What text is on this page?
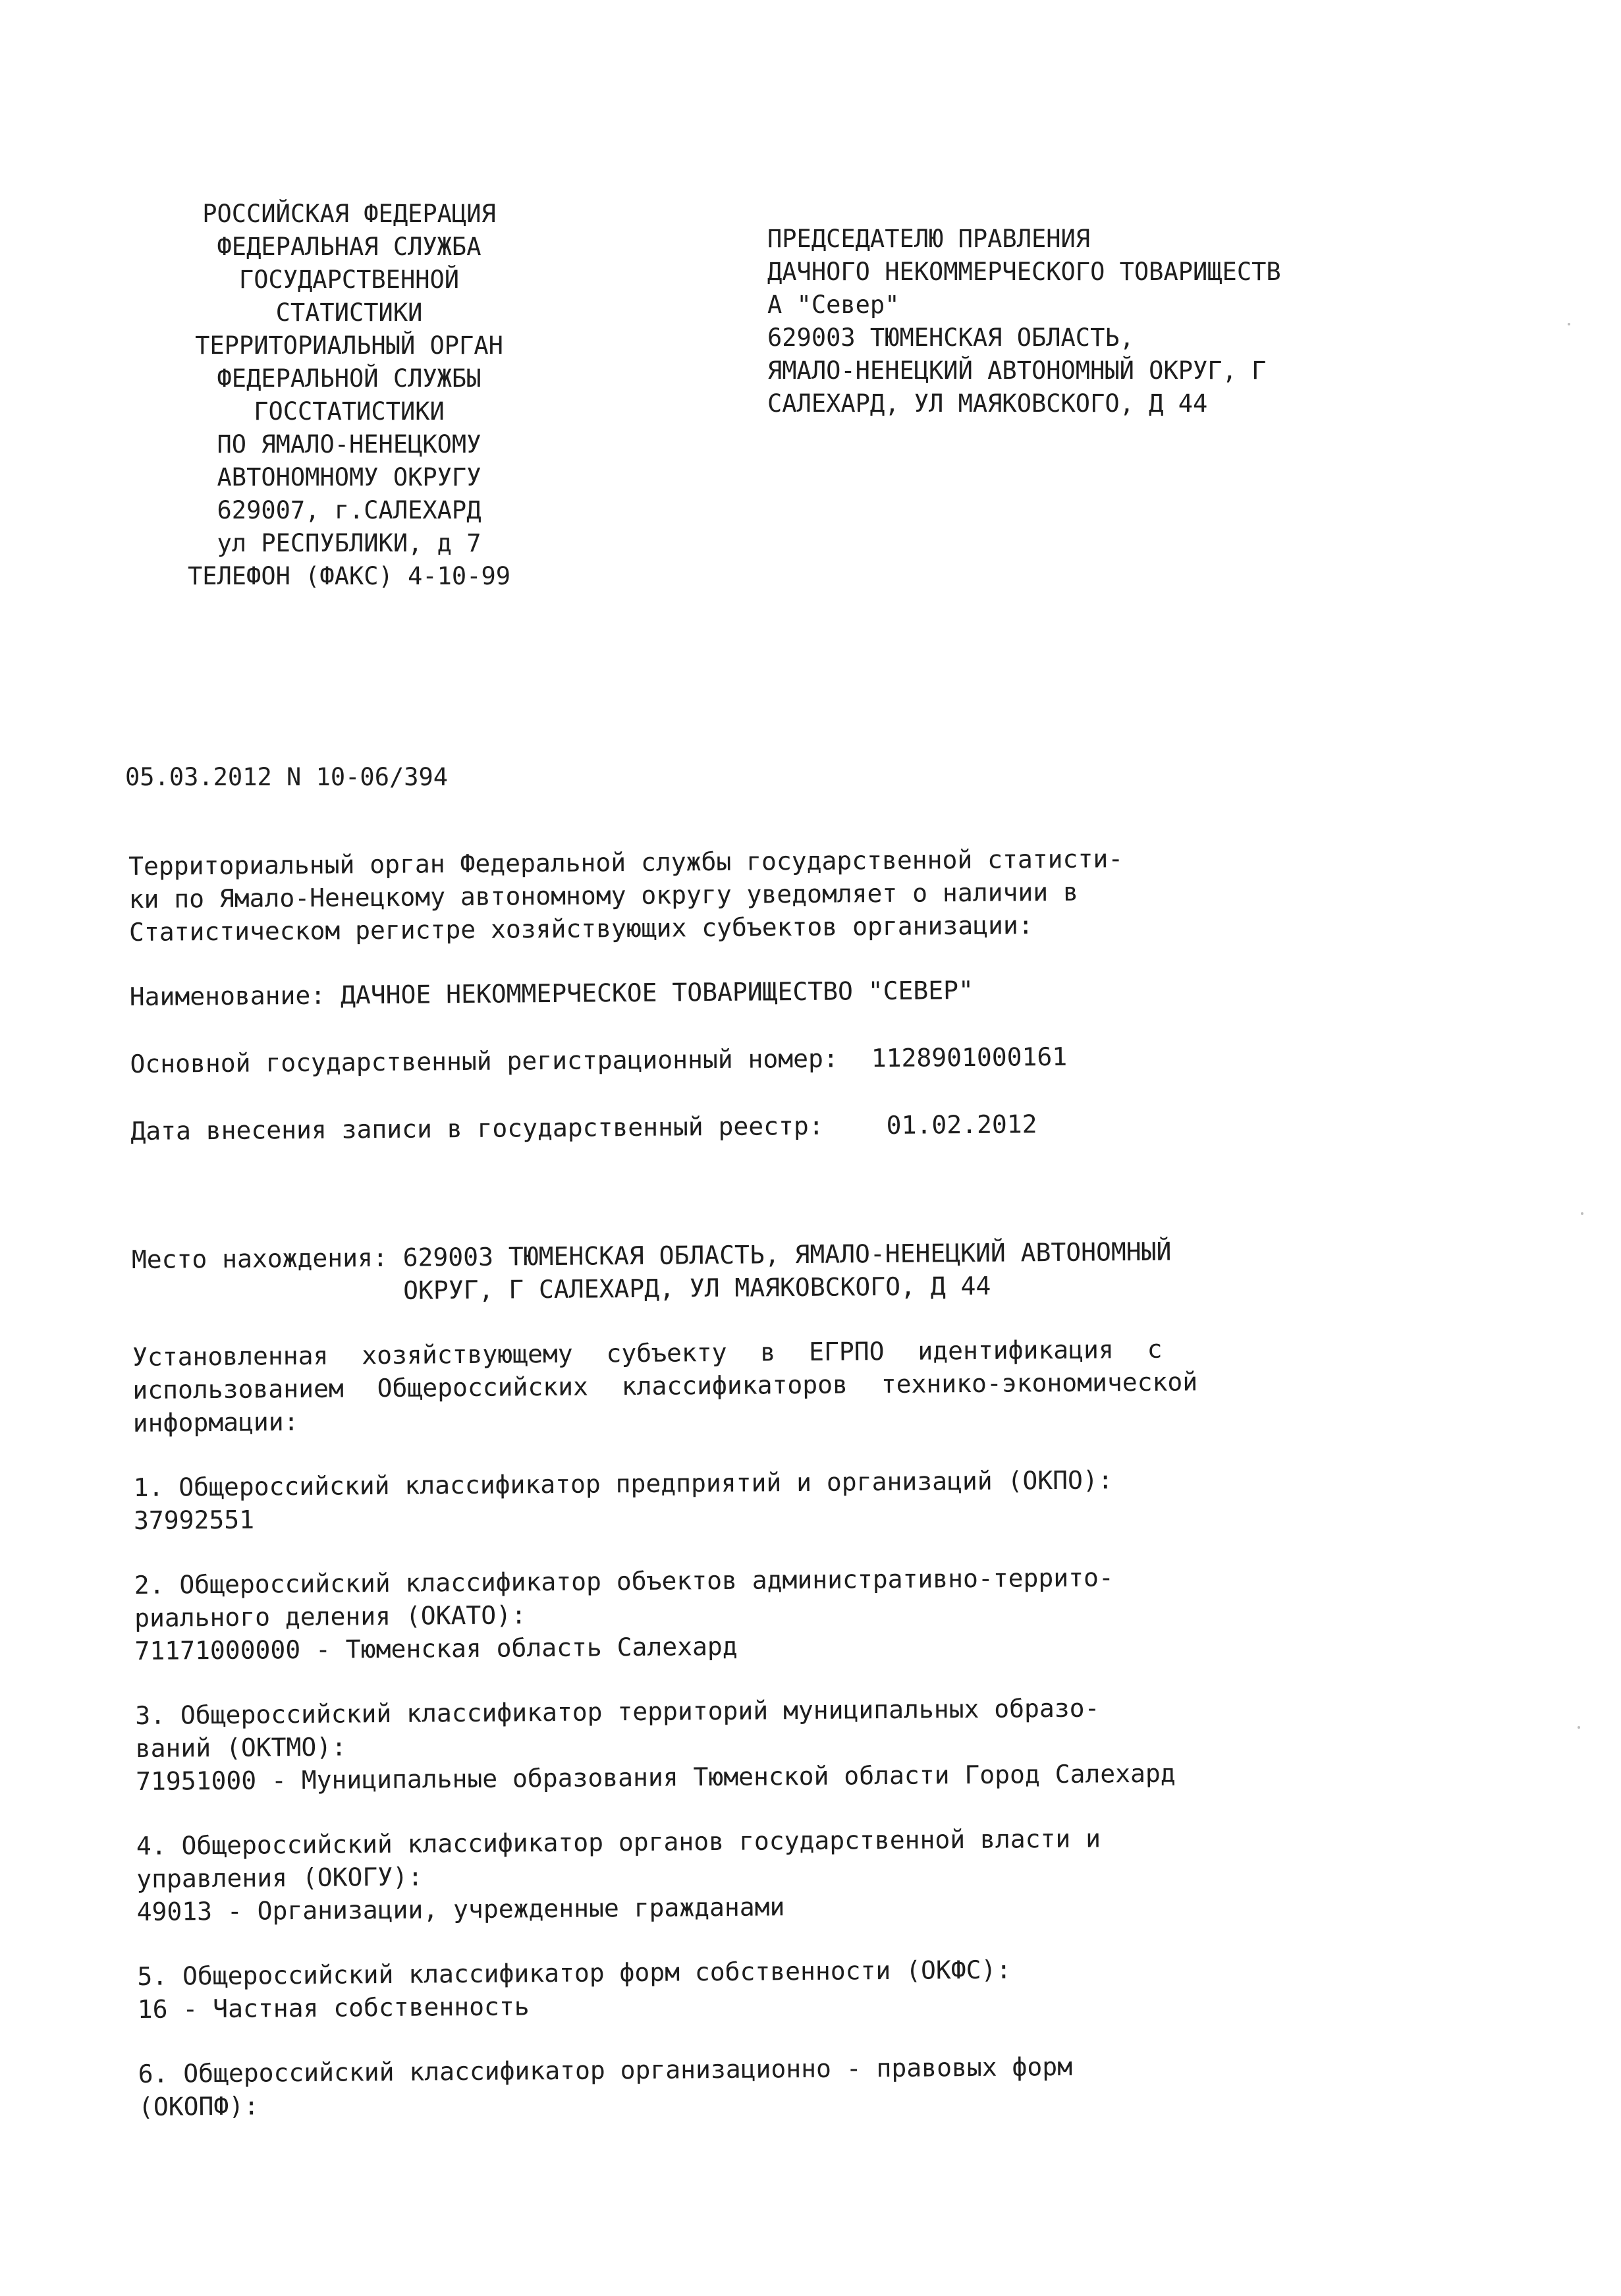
РОССИЙСКАЯ ФЕДЕРАЦИЯ
ФЕДЕРАЛЬНАЯ СЛУЖБА
ГОСУДАРСТВЕННОЙ
СТАТИСТИКИ
ТЕРРИТОРИАЛЬНЫЙ ОРГАН
ФЕДЕРАЛЬНОЙ СЛУЖБЫ
ГОССТАТИСТИКИ
ПО ЯМАЛО-НЕНЕЦКОМУ
АВТОНОМНОМУ ОКРУГУ
629007, г.САЛЕХАРД
ул РЕСПУБЛИКИ, д 7
ТЕЛЕФОН (ФАКС) 4-10-99
ПРЕДСЕДАТЕЛЮ ПРАВЛЕНИЯ
ДАЧНОГО НЕКОММЕРЧЕСКОГО ТОВАРИЩЕСТВ
А "Север"
629003 ТЮМЕНСКАЯ ОБЛАСТЬ,
ЯМАЛО-НЕНЕЦКИЙ АВТОНОМНЫЙ ОКРУГ, Г
САЛЕХАРД, УЛ МАЯКОВСКОГО, Д 44
05.03.2012 N 10-06/394

Территориальный орган Федеральной службы государственной статисти-

ки по Ямало-Ненецкому автономному округу уведомляет о наличии в

Статистическом регистре хозяйствующих субъектов организации:

Наименование:
ДАЧНОЕ НЕКОММЕРЧЕСКОЕ ТОВАРИЩЕСТВО "СЕВЕР"
Основной государственный регистрационный номер: 1128901000161
Дата внесения записи в государственный реестр: 01.02.2012
Место нахождения:
629003 ТЮМЕНСКАЯ ОБЛАСТЬ, ЯМАЛО-НЕНЕЦКИЙ АВТОНОМНЫЙ

ОКРУГ, Г САЛЕХАРД, УЛ МАЯКОВСКОГО, Д 44

Установленная хозяйствующему субъекту в ЕГРПО идентификация с

использованием Общероссийских классификаторов технико-экономической

информации:

1. Общероссийский классификатор предприятий и организаций (ОКПО):

37992551

2. Общероссийский классификатор объектов административно-террито-

риального деления (ОКАТО):

71171000000 - Тюменская область Салехард

3. Общероссийский классификатор территорий муниципальных образо-

ваний (ОКТМО):

71951000 - Муниципальные образования Тюменской области Город Салехард

4. Общероссийский классификатор органов государственной власти и

управления (ОКОГУ):

49013 - Организации, учрежденные гражданами

5. Общероссийский классификатор форм собственности (ОКФС):

16 - Частная собственность

6. Общероссийский классификатор организационно - правовых форм

(ОКОПФ):
